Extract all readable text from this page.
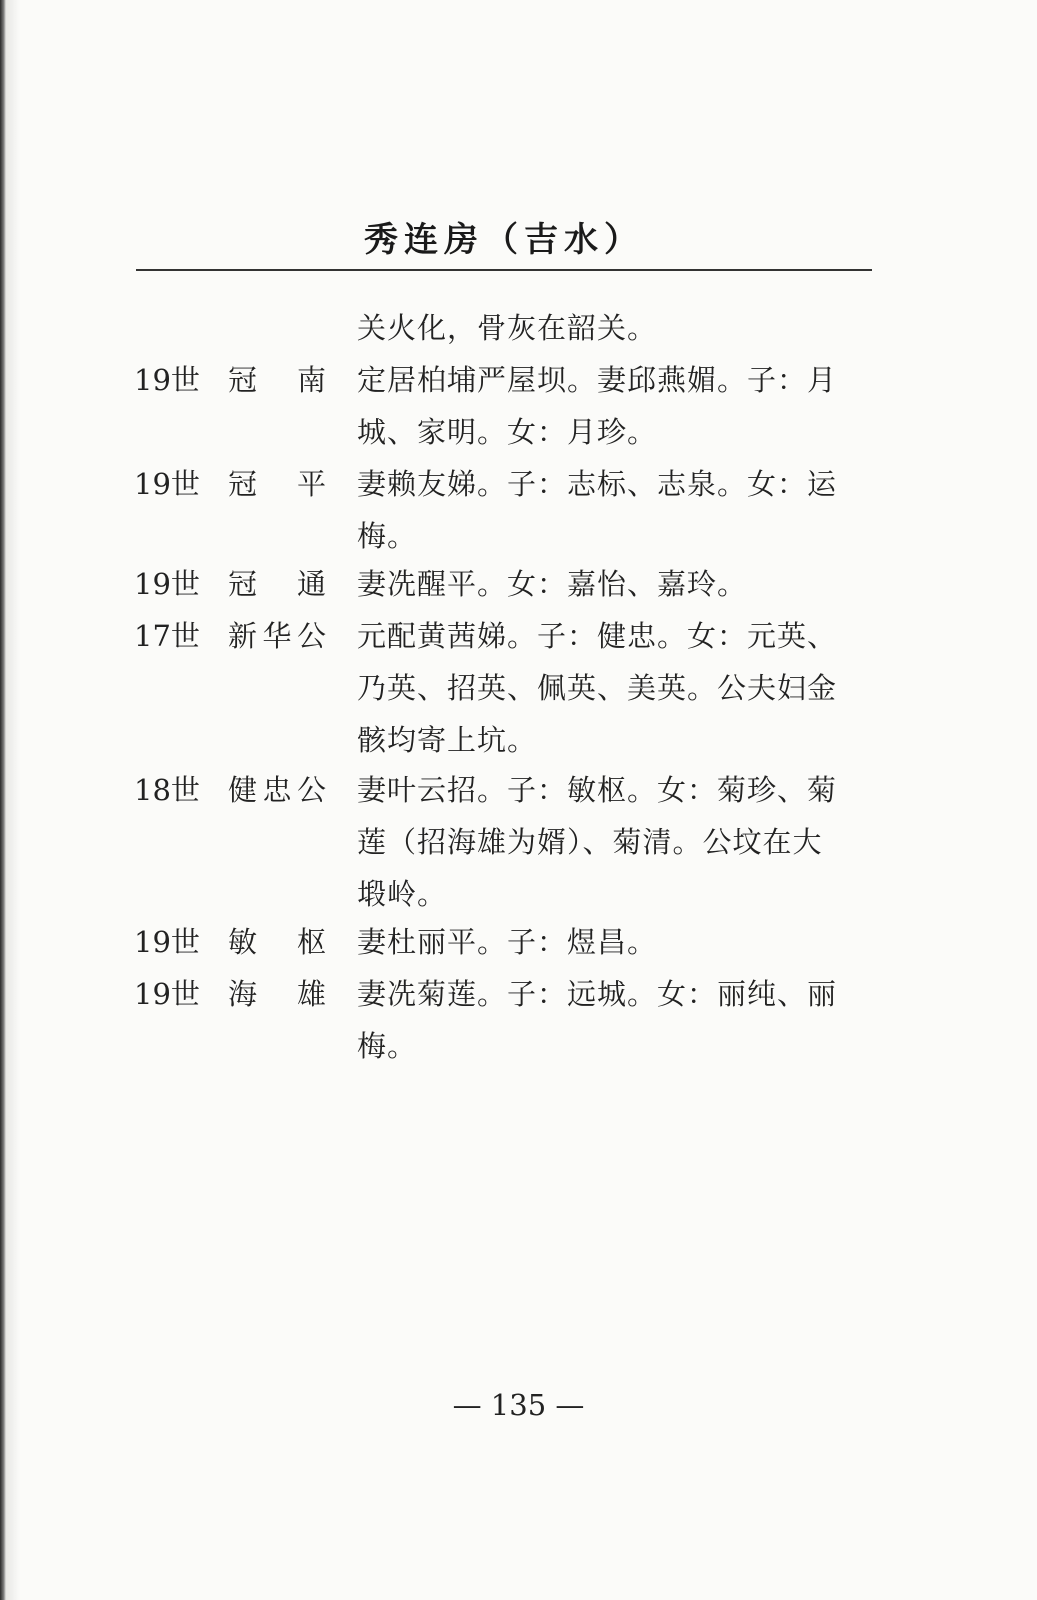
秀连房（吉水）
关火化，骨灰在韶关。
19世 冠　南 定居柏埔严屋坝。妻邱燕媚。子：月
城、家明。女：月珍。
19世 冠　平 妻赖友娣。子：志标、志泉。女：运
梅。
19世 冠　通 妻冼醒平。女：嘉怡、嘉玲。
17世 新华公 元配黄茜娣。子：健忠。女：元英、
乃英、招英、佩英、美英。公夫妇金
骸均寄上坑。
18世 健忠公 妻叶云招。子：敏枢。女：菊珍、菊
莲（招海雄为婿）、菊清。公坟在大
塅岭。
19世 敏　枢 妻杜丽平。子：煜昌。
19世 海　雄 妻冼菊莲。子：远城。女：丽纯、丽
梅。
— 135 —
